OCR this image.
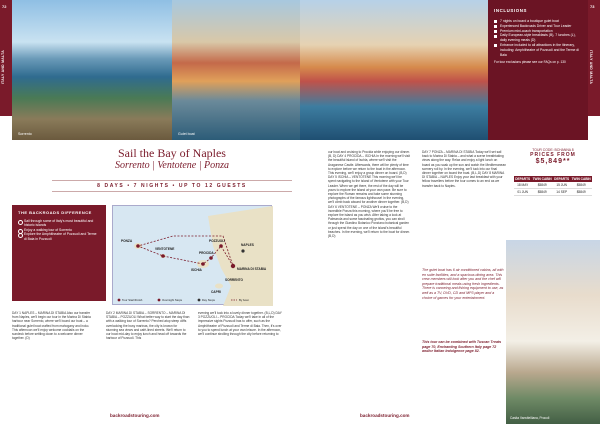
Sorrento	Gulet boat
72
ITALY AND MALTA
Sail the Bay of Naples
Sorrento | Ventotene | Ponza
8 DAYS • 7 NIGHTS • UP TO 12 GUESTS
THE BACKROADS DIFFERENCE
Sail through some of Italy's most beautiful and historic islands
Enjoy a walking tour of Sorrento
Explore the Amphitheatre of Pozzuoli and Terme di Baia in Pozzuoli
PONZA
VENTOTENE
POZZUOLI
PROCIDA
NAPLES
ISCHIA
CAPRI
SORRENTO
MARINA DI STABIA
Tour Start/Finish	Overnight Stops	Day Stops	By boat
DAY 1 NAPLES – MARINA DI STABIA Also our transfer from Naples, we'll begin our tour in the Marina Di Stabia harbour near Sorrento, where we'll board our boat – a traditional gulet boat crafted from mahogany and iroko. This afternoon we'll enjoy welcome cocktails on the sundeck before settling down to a welcome dinner together. (D)
DAY 2 MARINA DI STABIA – SORRENTO – MARINA DI STABIA – POZZUOLI What better way to start the day than with a walking tour of Sorrento? Perched atop steep cliffs overlooking the busy marinas, the city is known for stunning sea views and café-lined streets. We'll return to our boat mid-day to enjoy lunch and head off towards the harbour of Pozzuoli. This
evening we'll tuck into a lovely dinner together. (B,L,D) DAY 3 POZZUOLI – PROCIDA Today we'll take in all of the impressive sights Pozzuoli has to offer, such as the Amphitheatre of Pozzuoli and Terme di Baia. Then, it's over to you to spend lunch at your own leisure. In the afternoon, we'll continue strolling through the city before returning to
backroadstouring.com
INCLUSIONS
7 nights on board a boutique gulet boat
Experienced Backroads Driver and Tour Leader
Premium mini-coach transportation
Daily European-style breakfasts (B), 7 lunches (L), daily evening meals (D)
Entrance included to all attractions in the itinerary, including: Amphitheatre of Pozzuoli and the Terme di Baia
For tour exclusions please see our FAQs on p. 130
73
ITALY AND MALTA
our boat and cruising to Procida while enjoying our dinner. (B, D) DAY 4 PROCIDA – ISCHIA In the morning we'll visit the beautiful island of Ischia, where we'll visit the Aragonese Castle. Afterwards, there will be plenty of time to explore before we return to the boat in the afternoon. This evening, we'll enjoy a group dinner on board. (B,D) DAY 5 ISCHIA – VENTOTENE This morning we'll be spent navigating to the island of Ventotene with your Tour Leader. When we get there, the rest of the day will be yours to explore the island at your own pace. Be sure to explore the Roman remains and take some stunning photographs of the famous lighthouse! In the evening, we'll climb back aboard for another dinner together. (B,D) DAY 6 VENTOTENE – PONZA We'll cruise to the incredible Ponza this morning, where you'll be free to explore the island as you wish. After taking a look at Palmarola and some fascinating grottos, you can stroll through the Giardino Botanico Ponziano botanical garden or just spend the day on one of the island's beautiful beaches. In the evening, we'll return to the boat for dinner. (B,D)
DAY 7 PONZA – MARINA DI STABIA Today we'll set sail back to Marina Di Stabia – and what a scene breathtaking views along the way. Relax and enjoy a light lunch on board as you soak up the sun and watch the Mediterranean scenery roll by. In the evening, we'll tuck into our final dinner together on board the boat. (B,L,D) DAY 8 MARINA DI STABIA – NAPLES Enjoy your last breakfast with your fellow travellers before the tour comes to an end as we transfer back to Naples.
The gulet boat has 6 air conditioned cabins, all with en suite facilities, and a spacious dining area. This crew members will look after you and the chef will prepare traditional meals using fresh ingredients. There is canoeing and fishing equipment to use, as well as a TV, DVD, CD and MP3 player and a choice of games for your entertainment.
This tour can be combined with Tuscan Treats page 70, Enchanting Southern Italy page 72 and/or Italian Indulgence page 82.
TOUR CODE: BCHANNA 8
PRICES FROM
$5,849**
DEPARTS	TWIN CABIN	DEPARTS	TWIN CABIN
18 MAY	$5849	15 JUN	$5849
01 JUN	$5849	14 SEP	$5849
Casita Vanvitelliana, Procoli
backroadstouring.com
